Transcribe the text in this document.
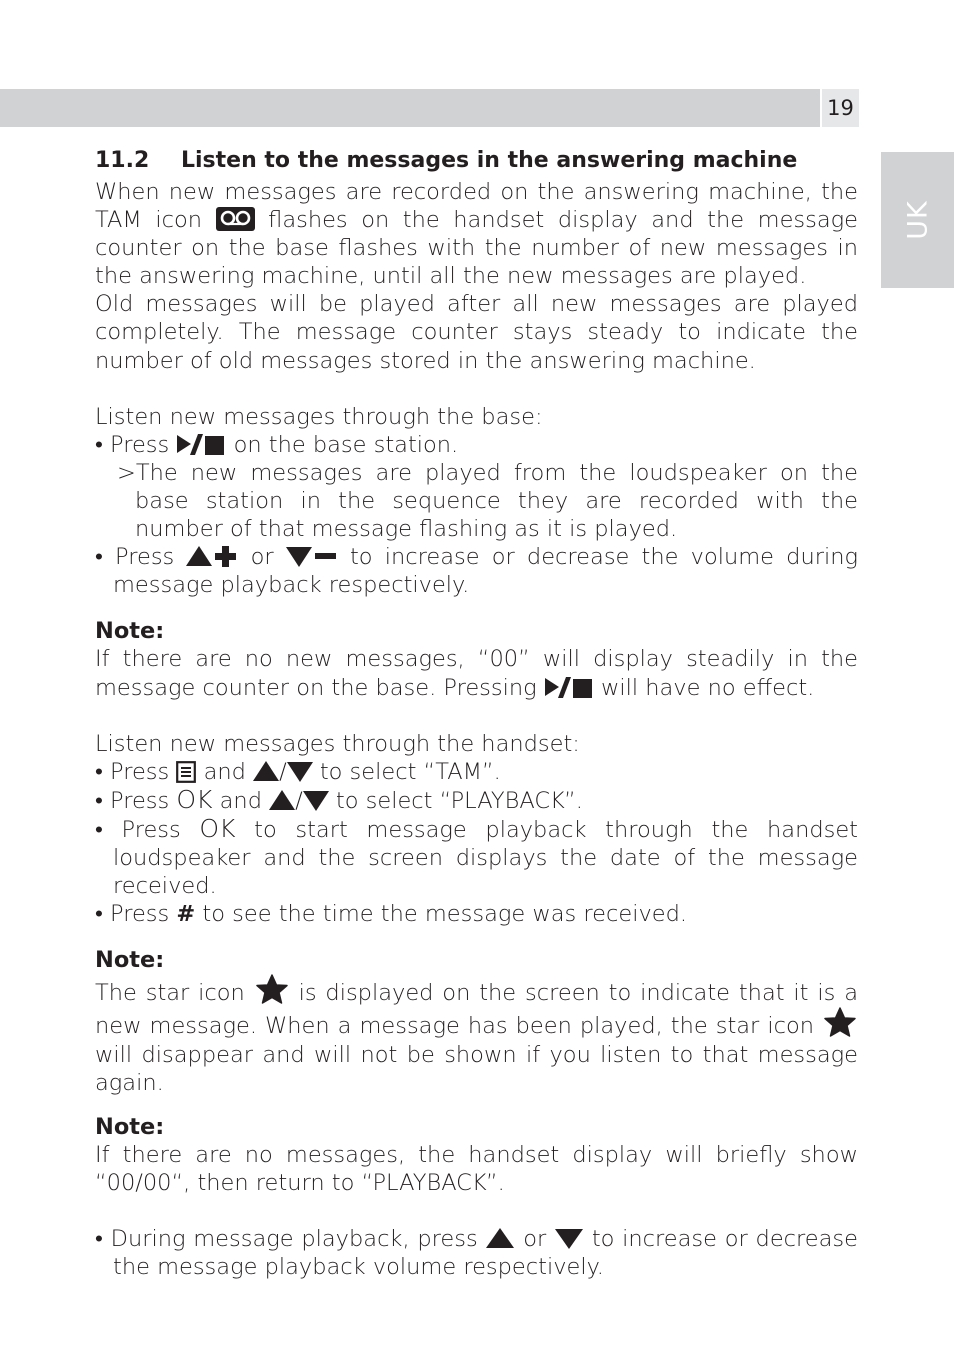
19
UK
11.2 Listen to the messages in the answering machine

When new messages are recorded on the answering machine, the TAM icon	flashes on the handset display and the message counter on the base flashes with the number of new messages in the answering machine, until all the new messages are played.

Old messages will be played after all new messages are played completely. The message counter stays steady to indicate the number of old messages stored in the answering machine.

Listen new messages through the base:

• Press	on the base station.

>The new messages are played from the loudspeaker on the base station in the sequence they are recorded with the number of that message flashing as it is played.

• Press	or	to increase or decrease the volume during message playback respectively.

Note:

If there are no new messages, “00” will display steadily in the message counter on the base. Pressing	will have no effect.

Listen new messages through the handset:

• Press and / to select “TAM”.

• Press OK and / to select “PLAYBACK”.

• Press OK to start message playback through the handset loudspeaker and the screen displays the date of the message received.

• Press # to see the time the message was received.

Note:

The star icon is displayed on the screen to indicate that it is a new message. When a message has been played, the star icon
will disappear and will not be shown if you listen to that message again.

Note:

If there are no messages, the handset display will briefly show “00/00“, then return to “PLAYBACK”.

• During message playback, press or to increase or decrease the message playback volume respectively.
